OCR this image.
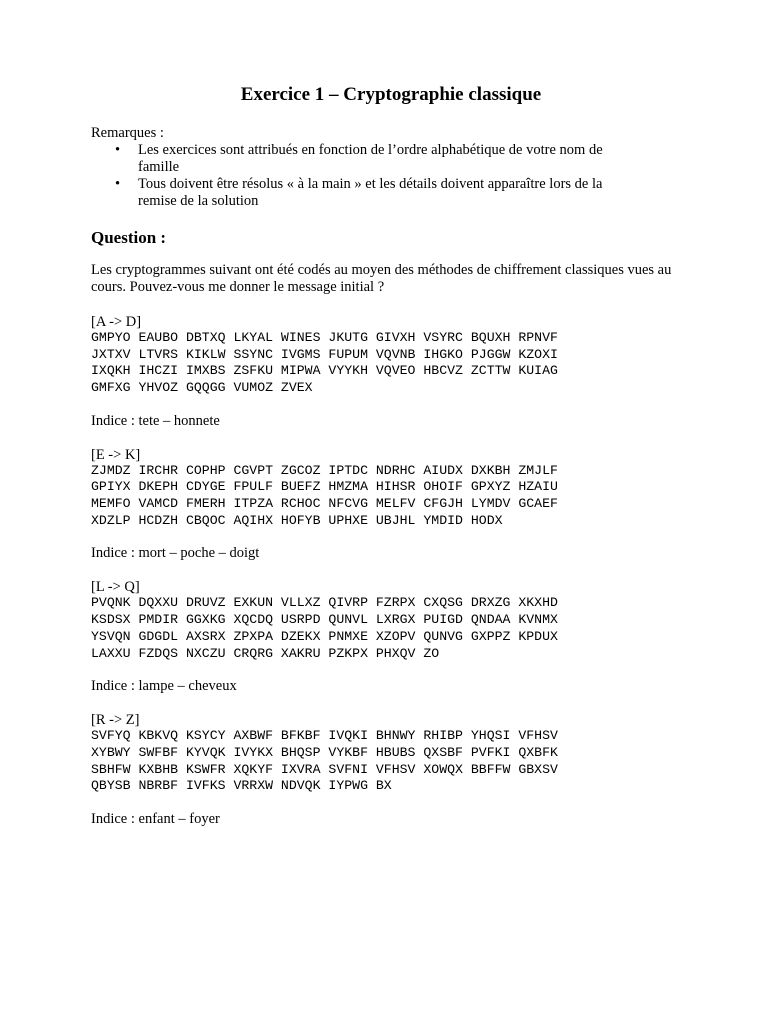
Exercice 1 – Cryptographie classique

Remarques :

• Les exercices sont attribués en fonction de l’ordre alphabétique de votre nom de famille
• Tous doivent être résolus « à la main » et les détails doivent apparaître lors de la remise de la solution
Question :

Les cryptogrammes suivant ont été codés au moyen des méthodes de chiffrement classiques vues au cours. Pouvez-vous me donner le message initial ?

[A -> D]

GMPYO EAUBO DBTXQ LKYAL WINES JKUTG GIVXH VSYRC BQUXH RPNVF
JXTXV LTVRS KIKLW SSYNC IVGMS FUPUM VQVNB IHGKO PJGGW KZOXI
IXQKH IHCZI IMXBS ZSFKU MIPWA VYYKH VQVEO HBCVZ ZCTTW KUIAG
GMFXG YHVOZ GQQGG VUMOZ ZVEX

Indice : tete – honnete

[E -> K]

ZJMDZ IRCHR COPHP CGVPT ZGCOZ IPTDC NDRHC AIUDX DXKBH ZMJLF
GPIYX DKEPH CDYGE FPULF BUEFZ HMZMA HIHSR OHOIF GPXYZ HZAIU
MEMFO VAMCD FMERH ITPZA RCHOC NFCVG MELFV CFGJH LYMDV GCAEF
XDZLP HCDZH CBQOC AQIHX HOFYB UPHXE UBJHL YMDID HODX

Indice : mort – poche – doigt

[L -> Q]

PVQNK DQXXU DRUVZ EXKUN VLLXZ QIVRP FZRPX CXQSG DRXZG XKXHD
KSDSX PMDIR GGXKG XQCDQ USRPD QUNVL LXRGX PUIGD QNDAA KVNMX
YSVQN GDGDL AXSRX ZPXPA DZEKX PNMXE XZOPV QUNVG GXPPZ KPDUX
LAXXU FZDQS NXCZU CRQRG XAKRU PZKPX PHXQV ZO

Indice : lampe – cheveux

[R -> Z]

SVFYQ KBKVQ KSYCY AXBWF BFKBF IVQKI BHNWY RHIBP YHQSI VFHSV
XYBWY SWFBF KYVQK IVYKX BHQSP VYKBF HBUBS QXSBF PVFKI QXBFK
SBHFW KXBHB KSWFR XQKYF IXVRA SVFNI VFHSV XOWQX BBFFW GBXSV
QBYSB NBRBF IVFKS VRRXW NDVQK IYPWG BX

Indice : enfant – foyer
